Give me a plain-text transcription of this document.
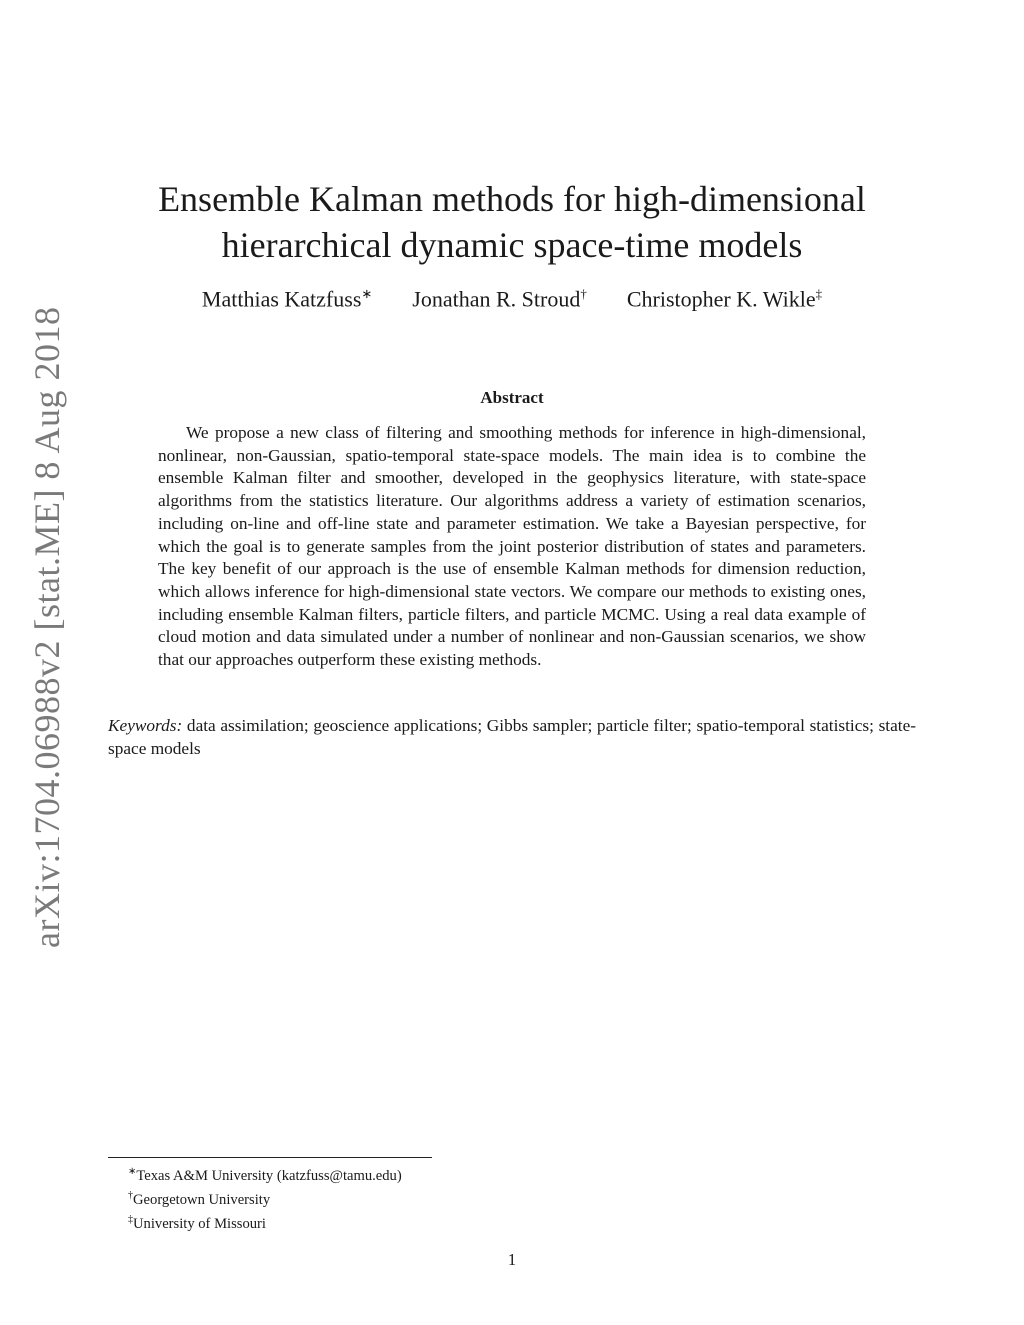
arXiv:1704.06988v2 [stat.ME] 8 Aug 2018
Ensemble Kalman methods for high-dimensional
hierarchical dynamic space-time models
Matthias Katzfuss∗ Jonathan R. Stroud† Christopher K. Wikle‡
Abstract

We propose a new class of filtering and smoothing methods for inference in high-dimensional, nonlinear, non-Gaussian, spatio-temporal state-space models. The main idea is to combine the ensemble Kalman filter and smoother, developed in the geophysics literature, with state-space algorithms from the statistics literature. Our algorithms address a variety of estimation scenarios, including on-line and off-line state and parameter estimation. We take a Bayesian perspective, for which the goal is to generate samples from the joint posterior distribution of states and parameters. The key benefit of our approach is the use of ensemble Kalman methods for dimension reduction, which allows inference for high-dimensional state vectors. We compare our methods to existing ones, including ensemble Kalman filters, particle filters, and particle MCMC. Using a real data example of cloud motion and data simulated under a number of nonlinear and non-Gaussian scenarios, we show that our approaches outperform these existing methods.

Keywords: data assimilation; geoscience applications; Gibbs sampler; particle filter; spatio-temporal statistics; state-space models

∗Texas A&M University (katzfuss@tamu.edu)
†Georgetown University
‡University of Missouri
1
